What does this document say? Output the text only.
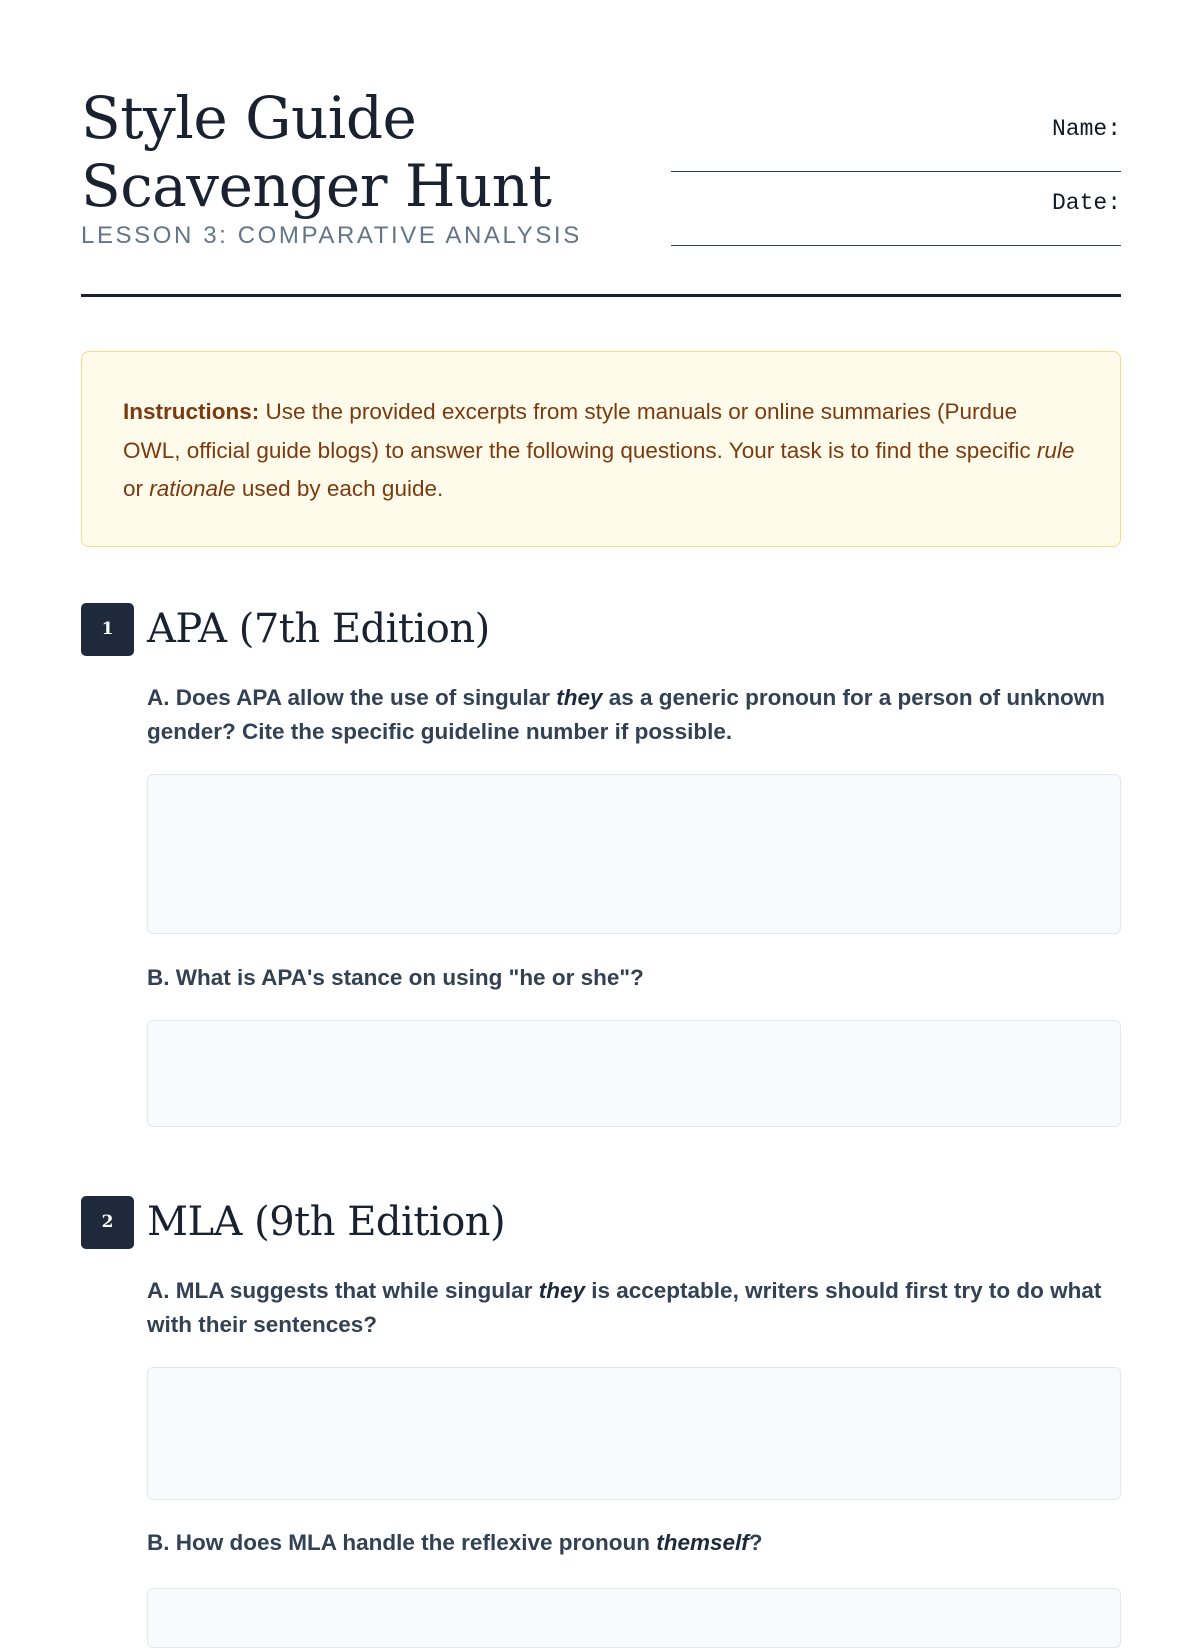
Style Guide Scavenger Hunt
LESSON 3: COMPARATIVE ANALYSIS
Name:
Date:
Instructions: Use the provided excerpts from style manuals or online summaries (Purdue OWL, official guide blogs) to answer the following questions. Your task is to find the specific rule or rationale used by each guide.
1 APA (7th Edition)

A. Does APA allow the use of singular they as a generic pronoun for a person of unknown gender? Cite the specific guideline number if possible.

B. What is APA's stance on using "he or she"?

2 MLA (9th Edition)

A. MLA suggests that while singular they is acceptable, writers should first try to do what with their sentences?

B. How does MLA handle the reflexive pronoun themself?
